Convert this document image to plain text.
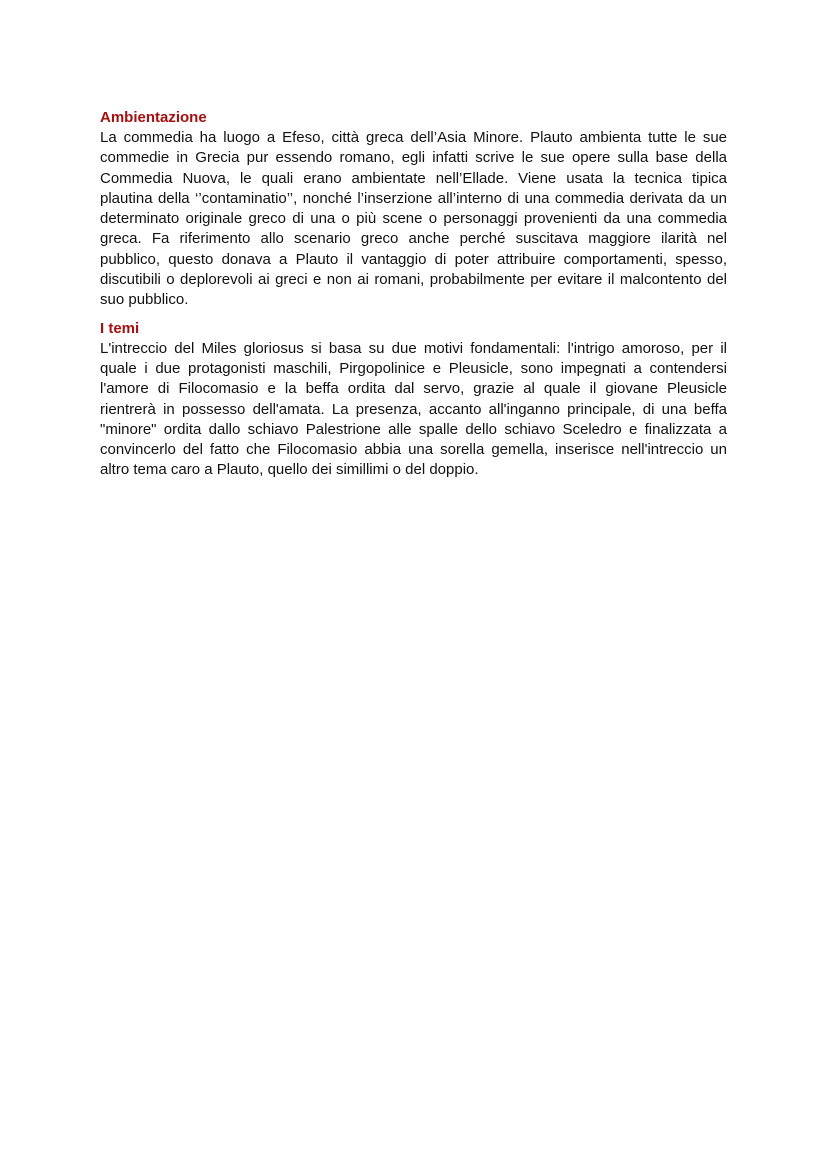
Ambientazione
La commedia ha luogo a Efeso, città greca dell’Asia Minore. Plauto ambienta tutte le sue
commedie in Grecia pur essendo romano, egli infatti scrive le sue opere sulla base della
Commedia Nuova, le quali erano ambientate nell’Ellade. Viene usata la tecnica tipica
plautina della ‘’contaminatio’’, nonché l’inserzione all’interno di una commedia derivata da un
determinato originale greco di una o più scene o personaggi provenienti da una commedia
greca. Fa riferimento allo scenario greco anche perché suscitava maggiore ilarità nel
pubblico, questo donava a Plauto il vantaggio di poter attribuire comportamenti, spesso,
discutibili o deplorevoli ai greci e non ai romani, probabilmente per evitare il malcontento del
suo pubblico.
I temi
L'intreccio del Miles gloriosus si basa su due motivi fondamentali: l'intrigo amoroso, per il
quale i due protagonisti maschili, Pirgopolinice e Pleusicle, sono impegnati a contendersi
l'amore di Filocomasio e la beffa ordita dal servo, grazie al quale il giovane Pleusicle
rientrerà in possesso dell'amata. La presenza, accanto all'inganno principale, di una beffa
"minore" ordita dallo schiavo Palestrione alle spalle dello schiavo Sceledro e finalizzata a
convincerlo del fatto che Filocomasio abbia una sorella gemella, inserisce nell'intreccio un
altro tema caro a Plauto, quello dei simillimi o del doppio.
